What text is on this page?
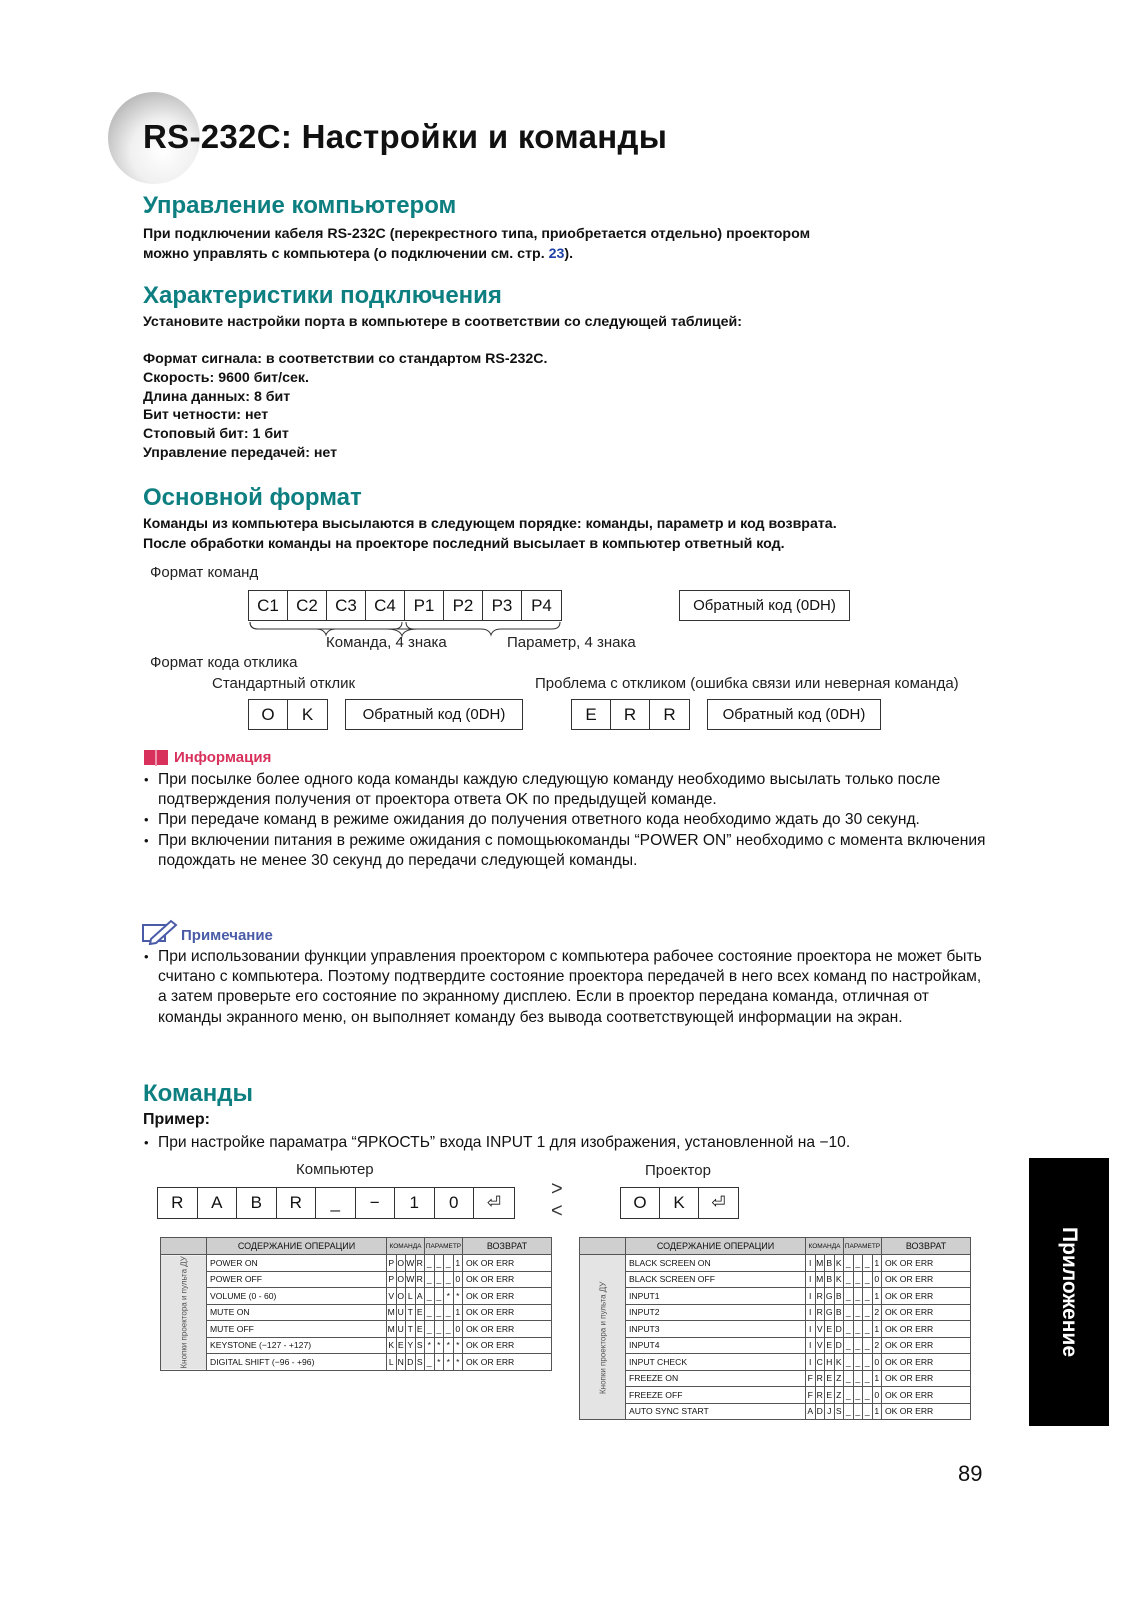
RS-232C: Настройки и команды
Управление компьютером
При подключении кабеля RS-232C (перекрестного типа, приобретается отдельно) проектором
можно управлять с компьютера (о подключении см. стр. 23).
Характеристики подключения
Установите настройки порта в компьютере в соответствии со следующей таблицей:
Формат сигнала: в соответствии со стандартом RS-232C.
Скорость: 9600 бит/сек.
Длина данных: 8 бит
Бит четности: нет
Стоповый бит: 1 бит
Управление передачей: нет
Основной формат
Команды из компьютера высылаются в следующем порядке: команды, параметр и код возврата.
После обработки команды на проекторе последний высылает в компьютер ответный код.
Формат команд
C1	C2	C3	C4	P1	P2	P3	P4	Обратный код (0DH)
Команда, 4 знака	Параметр, 4 знака
Формат кода отклика
Стандартный отклик	Проблема с откликом (ошибка связи или неверная команда)
O	K	Обратный код (0DH)	E	R	R	Обратный код (0DH)
Информация
• При посылке более одного кода команды каждую следующую команду необходимо высылать только после подтверждения получения от проектора ответа OK по предыдущей команде.
• При передаче команд в режиме ожидания до получения ответного кода необходимо ждать до 30 секунд.
• При включении питания в режиме ожидания с помощьюкоманды “POWER ON” необходимо с момента включения подождать не менее 30 секунд до передачи следующей команды.
Примечание
• При использовании функции управления проектором с компьютера рабочее состояние проектора не может быть считано с компьютера. Поэтому подтвердите состояние проектора передачей в него всех команд по настройкам, а затем проверьте его состояние по экранному дисплею. Если в проектор передана команда, отличная от команды экранного меню, он выполняет команду без вывода соответствующей информации на экран.
Команды
Пример:
• При настройке параматра “ЯРКОСТЬ” входа INPUT 1 для изображения, установленной на −10.
Компьютер	Проектор
R	A	B	R	_	−	1	0	⏎
>
<	O	K	⏎
	СОДЕРЖАНИЕ ОПЕРАЦИИ	КОМАНДА				ПАРАМЕТР				ВОЗВРАТ
Кнопки проектора и пульта ДУ	POWER ON	P	O	W	R	_	_	_	1	OK OR ERR
	POWER OFF	P	O	W	R	_	_	_	0	OK OR ERR
	VOLUME (0 - 60)	V	O	L	A	_	_	*	*	OK OR ERR
	MUTE ON	M	U	T	E	_	_	_	1	OK OR ERR
	MUTE OFF	M	U	T	E	_	_	_	0	OK OR ERR
	KEYSTONE (−127 - +127)	K	E	Y	S	*	*	*	*	OK OR ERR
	DIGITAL SHIFT (−96 - +96)	L	N	D	S	_	*	*	*	OK OR ERR
	СОДЕРЖАНИЕ ОПЕРАЦИИ	КОМАНДА				ПАРАМЕТР				ВОЗВРАТ
Кнопки проектора и пульта ДУ	BLACK SCREEN ON	I	M	B	K	_	_	_	1	OK OR ERR
	BLACK SCREEN OFF	I	M	B	K	_	_	_	0	OK OR ERR
	INPUT1	I	R	G	B	_	_	_	1	OK OR ERR
	INPUT2	I	R	G	B	_	_	_	2	OK OR ERR
	INPUT3	I	V	E	D	_	_	_	1	OK OR ERR
	INPUT4	I	V	E	D	_	_	_	2	OK OR ERR
	INPUT CHECK	I	C	H	K	_	_	_	0	OK OR ERR
	FREEZE ON	F	R	E	Z	_	_	_	1	OK OR ERR
	FREEZE OFF	F	R	E	Z	_	_	_	0	OK OR ERR
	AUTO SYNC START	A	D	J	S	_	_	_	1	OK OR ERR
Приложение
89
